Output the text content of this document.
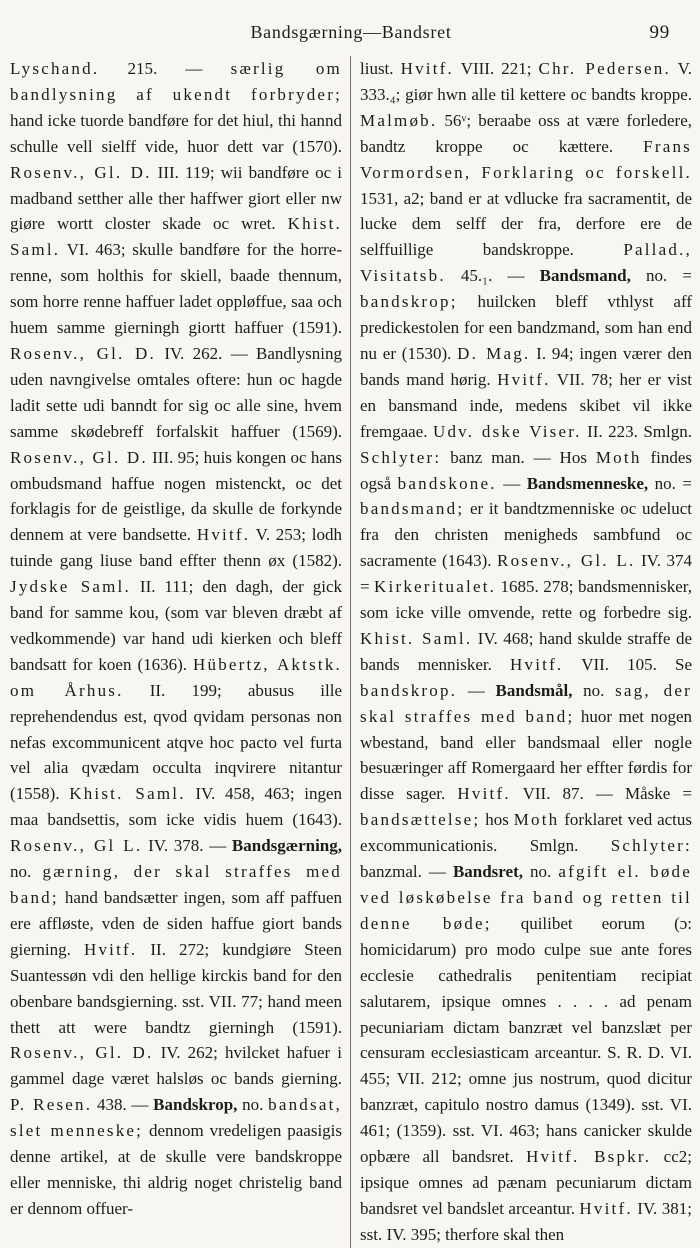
Bandsgærning—Bandsret	99
Lyschand. 215. — særlig om bandlysning af ukendt forbryder; hand icke tuorde bandføre for det hiul, thi hannd schulle vell sielff vide, huor dett var (1570). Rosenv., Gl. D. III. 119; wii bandføre oc i madband setther alle ther haffwer giort eller nw giøre wortt closter skade oc wret. Khist. Saml. VI. 463; skulle bandføre for the horre-renne, som holthis for skiell, baade thennum, som horre renne haffuer ladet oppløffue, saa och huem samme gierningh giortt haffuer (1591). Rosenv., Gl. D. IV. 262. — Bandlysning uden navngivelse omtales oftere: hun oc hagde ladit sette udi banndt for sig oc alle sine, hvem samme skødebreff forfalskit haffuer (1569). Rosenv., Gl. D. III. 95; huis kongen oc hans ombudsmand haffue nogen mistenckt, oc det forklagis for de geistlige, da skulle de forkynde dennem at vere bandsette. Hvitf. V. 253; lodh tuinde gang liuse band effter thenn øx (1582). Jydske Saml. II. 111; den dagh, der gick band for samme kou, (som var bleven dræbt af vedkommende) var hand udi kierken och bleff bandsatt for koen (1636). Hübertz, Aktstk. om Århus. II. 199; abusus ille reprehendendus est, qvod qvidam personas non nefas excommunicent atqve hoc pacto vel furta vel alia qvædam occulta inqvirere nitantur (1558). Khist. Saml. IV. 458, 463; ingen maa bandsettis, som icke vidis huem (1643). Rosenv., Gl L. IV. 378. — Bandsgærning, no. gærning, der skal straffes med band; hand bandsætter ingen, som aff paffuen ere affløste, vden de siden haffue giort bands gierning. Hvitf. II. 272; kundgiøre Steen Suantessøn vdi den hellige kirckis band for den obenbare bandsgierning. sst. VII. 77; hand meen thett att were bandtz gierningh (1591). Rosenv., Gl. D. IV. 262; hvilcket hafuer i gammel dage været halsløs oc bands gierning. P. Resen. 438. — Bandskrop, no. bandsat, slet menneske; dennom vredeligen paasigis denne artikel, at de skulle vere bandskroppe eller menniske, thi aldrig noget christelig band er dennom offuer-
liust. Hvitf. VIII. 221; Chr. Pedersen. V. 333.₄; giør hwn alle til kettere oc bandts kroppe. Malmøb. 56ᵛ; beraabe oss at være forledere, bandtz kroppe oc kættere. Frans Vormordsen, Forklaring oc forskell. 1531, a2; band er at vdlucke fra sacramentit, de lucke dem selff der fra, derfore ere de selffuillige bandskroppe. Pallad., Visitatsb. 45.₁. — Bandsmand, no. = bandskrop; huilcken bleff vthlyst aff predickestolen for een bandzmand, som han end nu er (1530). D. Mag. I. 94; ingen værer den bands mand hørig. Hvitf. VII. 78; her er vist en bansmand inde, medens skibet vil ikke fremgaae. Udv. dske Viser. II. 223. Smlgn. Schlyter: banz man. — Hos Moth findes også bandskone. — Bandsmenneske, no. = bandsmand; er it bandtzmenniske oc udeluct fra den christen menigheds sambfund oc sacramente (1643). Rosenv., Gl. L. IV. 374 = Kirkeritualet. 1685. 278; bandsmennisker, som icke ville omvende, rette og forbedre sig. Khist. Saml. IV. 468; hand skulde straffe de bands mennisker. Hvitf. VII. 105. Se bandskrop. — Bandsmål, no. sag, der skal straffes med band; huor met nogen wbestand, band eller bandsmaal eller nogle besuæringer aff Romergaard her effter førdis for disse sager. Hvitf. VII. 87. — Måske = bandsættelse; hos Moth forklaret ved actus excommunicationis. Smlgn. Schlyter: banzmal. — Bandsret, no. afgift el. bøde ved løskøbelse fra band og retten til denne bøde; quilibet eorum (ɔ: homicidarum) pro modo culpe sue ante fores ecclesie cathedralis penitentiam recipiat salutarem, ipsique omnes . . . . ad penam pecuniariam dictam banzræt vel banzslæt per censuram ecclesiasticam arceantur. S. R. D. VI. 455; VII. 212; omne jus nostrum, quod dicitur banzræt, capitulo nostro damus (1349). sst. VI. 461; (1359). sst. VI. 463; hans canicker skulde opbære all bandsret. Hvitf. Bspkr. cc2; ipsique omnes ad pænam pecuniarum dictam bandsret vel bandslet arceantur. Hvitf. IV. 381; sst. IV. 395; therfore skal then
